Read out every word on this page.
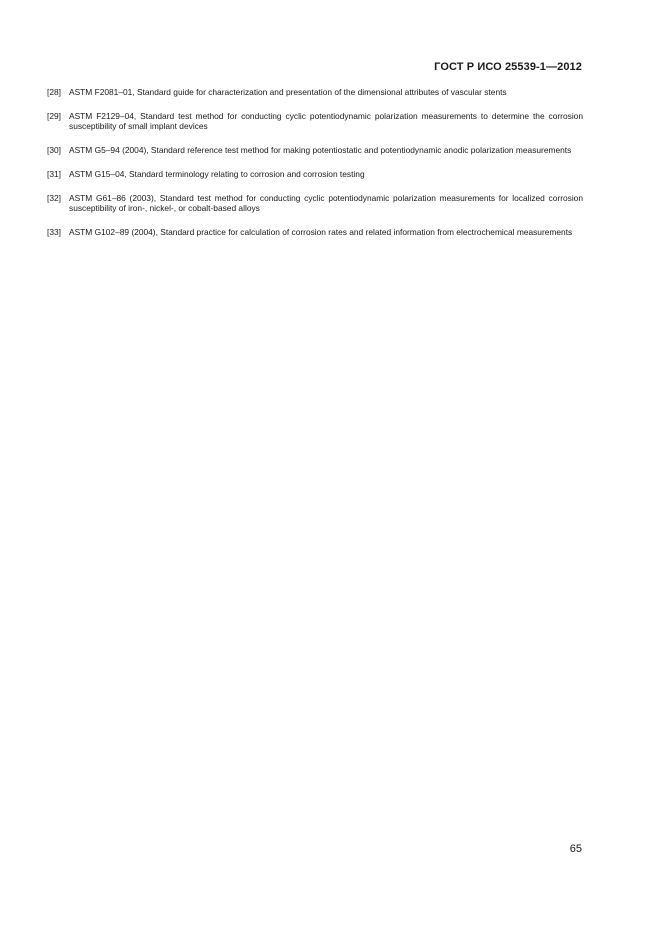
ГОСТ Р ИСО 25539-1—2012
[28] ASTM F2081–01, Standard guide for characterization and presentation of the dimensional attributes of vascular stents
[29] ASTM F2129–04, Standard test method for conducting cyclic potentiodynamic polarization measurements to determine the corrosion susceptibility of small implant devices
[30] ASTM G5–94 (2004), Standard reference test method for making potentiostatic and potentiodynamic anodic polarization measurements
[31] ASTM G15–04, Standard terminology relating to corrosion and corrosion testing
[32] ASTM G61–86 (2003), Standard test method for conducting cyclic potentiodynamic polarization measurements for localized corrosion susceptibility of iron-, nickel-, or cobalt-based alloys
[33] ASTM G102–89 (2004), Standard practice for calculation of corrosion rates and related information from electrochemical measurements
65
